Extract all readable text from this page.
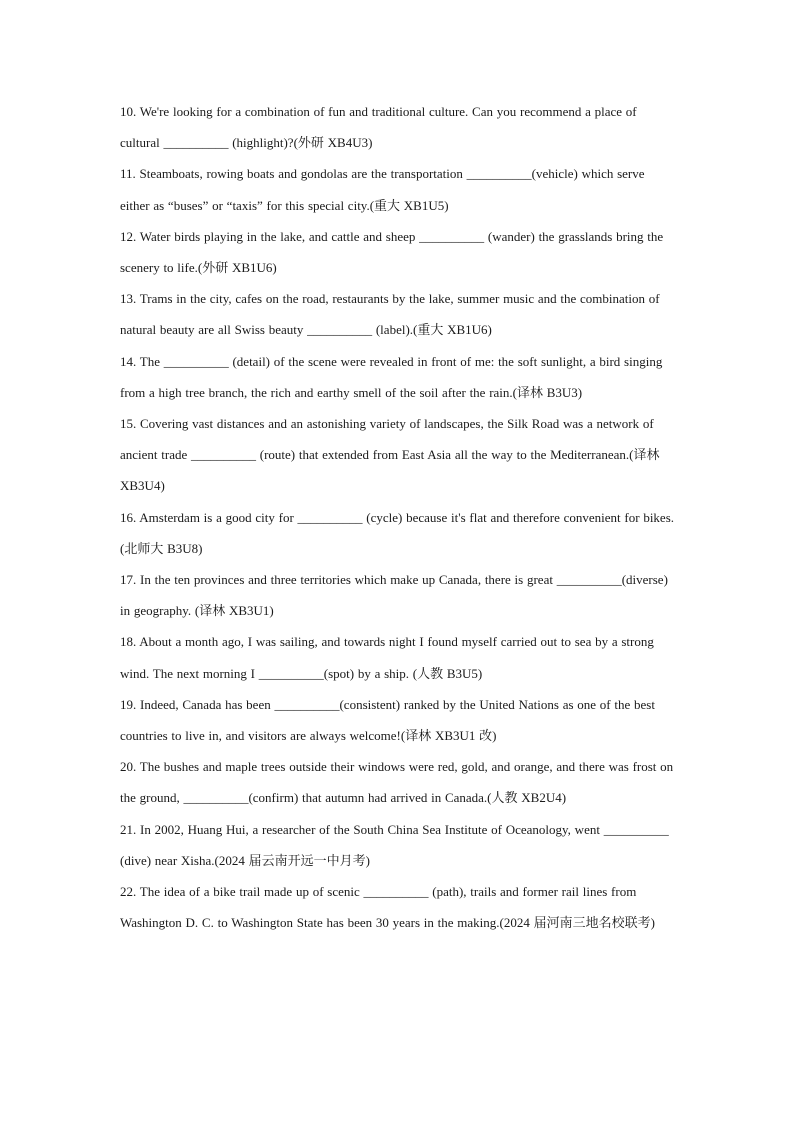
10. We're looking for a combination of fun and traditional culture. Can you recommend a place of cultural __________ (highlight)?(外研 XB4U3)

11. Steamboats, rowing boats and gondolas are the transportation __________(vehicle) which serve either as “buses” or “taxis” for this special city.(重大 XB1U5)

12. Water birds playing in the lake, and cattle and sheep __________ (wander) the grasslands bring the scenery to life.(外研 XB1U6)

13. Trams in the city, cafes on the road, restaurants by the lake, summer music and the combination of natural beauty are all Swiss beauty __________ (label).(重大 XB1U6)

14. The __________ (detail) of the scene were revealed in front of me: the soft sunlight, a bird singing from a high tree branch, the rich and earthy smell of the soil after the rain.(译林 B3U3)

15. Covering vast distances and an astonishing variety of landscapes, the Silk Road was a network of ancient trade __________ (route) that extended from East Asia all the way to the Mediterranean.(译林 XB3U4)

16. Amsterdam is a good city for __________ (cycle) because it's flat and therefore convenient for bikes.(北师大 B3U8)

17. In the ten provinces and three territories which make up Canada, there is great __________(diverse) in geography. (译林 XB3U1)

18. About a month ago, I was sailing, and towards night I found myself carried out to sea by a strong wind. The next morning I __________(spot) by a ship. (人教 B3U5)

19. Indeed, Canada has been __________(consistent) ranked by the United Nations as one of the best countries to live in, and visitors are always welcome!(译林 XB3U1 改)

20. The bushes and maple trees outside their windows were red, gold, and orange, and there was frost on the ground, __________(confirm) that autumn had arrived in Canada.(人教 XB2U4)

21. In 2002, Huang Hui, a researcher of the South China Sea Institute of Oceanology, went __________ (dive) near Xisha.(2024 届云南开远一中月考)

22. The idea of a bike trail made up of scenic __________ (path), trails and former rail lines from Washington D. C. to Washington State has been 30 years in the making.(2024 届河南三地名校联考)
